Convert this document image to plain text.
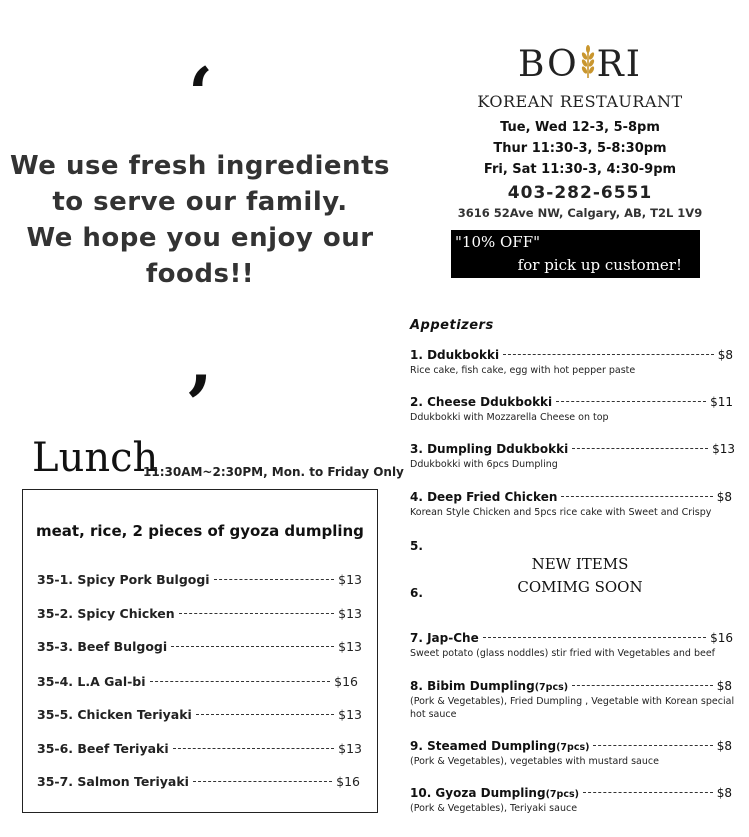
‘
We use fresh ingredients
to serve our family.
We hope you enjoy our
foods!!
,
Lunch
11:30AM~2:30PM, Mon. to Friday Only
meat, rice, 2 pieces of gyoza dumpling
35-1. Spicy Pork Bulgogi	$13
35-2. Spicy Chicken	$13
35-3. Beef Bulgogi	$13
35-4. L.A Gal-bi	$16
35-5. Chicken Teriyaki	$13
35-6. Beef Teriyaki	$13
35-7. Salmon Teriyaki	$16
BO RI
KOREAN RESTAURANT
Tue, Wed 12-3, 5-8pm
Thur 11:30-3, 5-8:30pm
Fri, Sat 11:30-3, 4:30-9pm
403-282-6551
3616 52Ave NW, Calgary, AB, T2L 1V9
"10% OFF"
for pick up customer!
Appetizers
1. Ddukbokki	$8
Rice cake, fish cake, egg with hot pepper paste
2. Cheese Ddukbokki	$11
Ddukbokki with Mozzarella Cheese on top
3. Dumpling Ddukbokki	$13
Ddukbokki with 6pcs Dumpling
4. Deep Fried Chicken	$8
Korean Style Chicken and 5pcs rice cake with Sweet and Crispy
5.
NEW ITEMS
COMIMG SOON
6.
7. Jap-Che	$16
Sweet potato (glass noddles) stir fried with Vegetables and beef
8. Bibim Dumpling(7pcs)	$8
(Pork & Vegetables), Fried Dumpling , Vegetable with Korean special hot sauce
9. Steamed Dumpling(7pcs)	$8
(Pork & Vegetables), vegetables with mustard sauce
10. Gyoza Dumpling(7pcs)	$8
(Pork & Vegetables), Teriyaki sauce
